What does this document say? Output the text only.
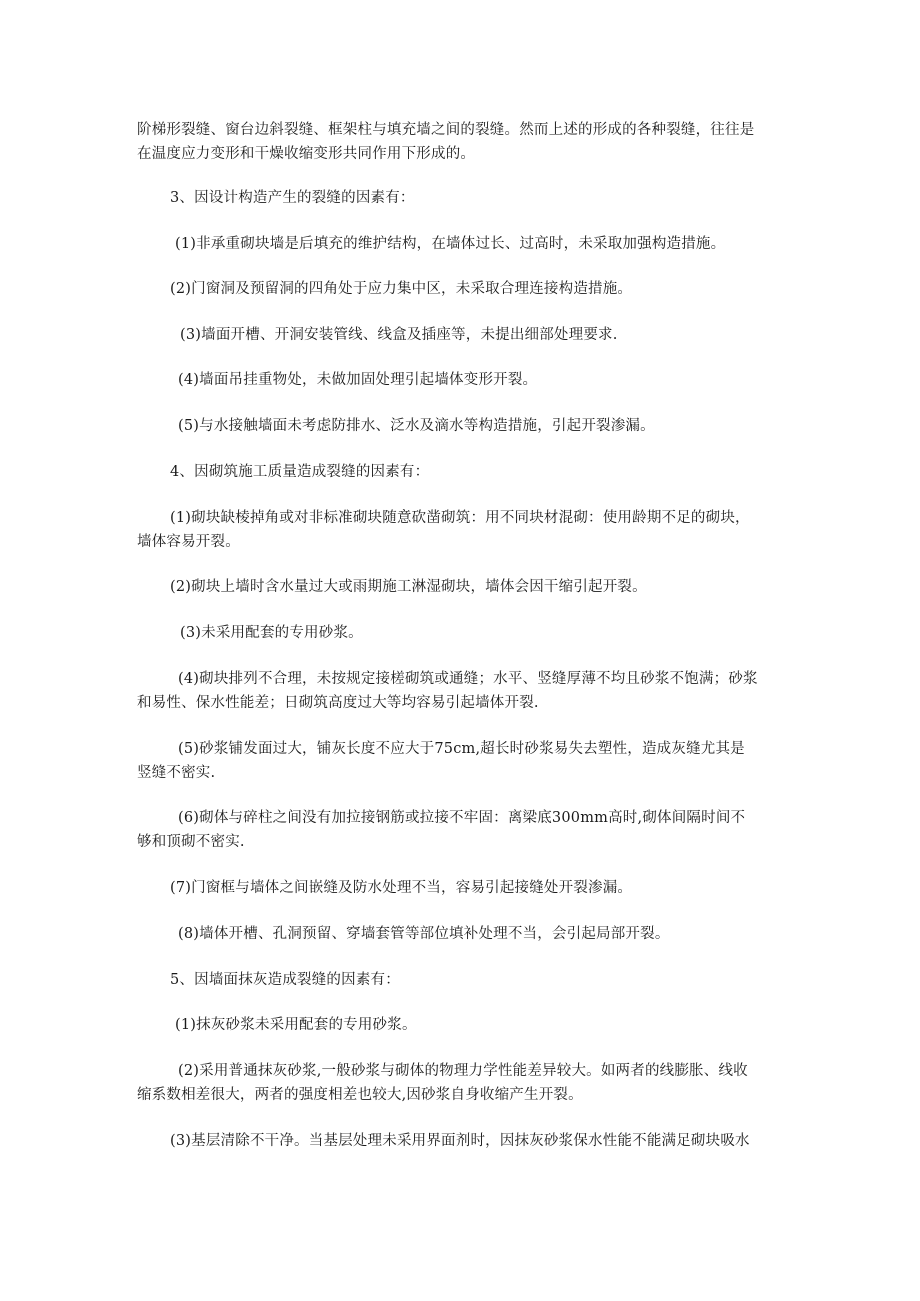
阶梯形裂缝、窗台边斜裂缝、框架柱与填充墙之间的裂缝。然而上述的形成的各种裂缝，往往是
在温度应力变形和干燥收缩变形共同作用下形成的。
3、因设计构造产生的裂缝的因素有：
(1)非承重砌块墙是后填充的维护结构，在墙体过长、过高时，未采取加强构造措施。
(2)门窗洞及预留洞的四角处于应力集中区，未采取合理连接构造措施。
(3)墙面开槽、开洞安装管线、线盒及插座等，未提出细部处理要求.
(4)墙面吊挂重物处，未做加固处理引起墙体变形开裂。
(5)与水接触墙面未考虑防排水、泛水及滴水等构造措施，引起开裂渗漏。
4、因砌筑施工质量造成裂缝的因素有：
(1)砌块缺棱掉角或对非标准砌块随意砍凿砌筑：用不同块材混砌：使用龄期不足的砌块，
墙体容易开裂。
(2)砌块上墙时含水量过大或雨期施工淋湿砌块，墙体会因干缩引起开裂。
(3)未采用配套的专用砂浆。
(4)砌块排列不合理，未按规定接槎砌筑或通缝；水平、竖缝厚薄不均且砂浆不饱满；砂浆
和易性、保水性能差；日砌筑高度过大等均容易引起墙体开裂.
(5)砂浆铺发面过大，铺灰长度不应大于75cm,超长时砂浆易失去塑性，造成灰缝尤其是
竖缝不密实.
(6)砌体与碎柱之间没有加拉接钢筋或拉接不牢固：离梁底300mm高时,砌体间隔时间不
够和顶砌不密实.
(7)门窗框与墙体之间嵌缝及防水处理不当，容易引起接缝处开裂渗漏。
(8)墙体开槽、孔洞预留、穿墙套管等部位填补处理不当，会引起局部开裂。
5、因墙面抹灰造成裂缝的因素有：
(1)抹灰砂浆未采用配套的专用砂浆。
(2)采用普通抹灰砂浆,一般砂浆与砌体的物理力学性能差异较大。如两者的线膨胀、线收
缩系数相差很大，两者的强度相差也较大,因砂浆自身收缩产生开裂。
(3)基层清除不干净。当基层处理未采用界面剂时，因抹灰砂浆保水性能不能满足砌块吸水
